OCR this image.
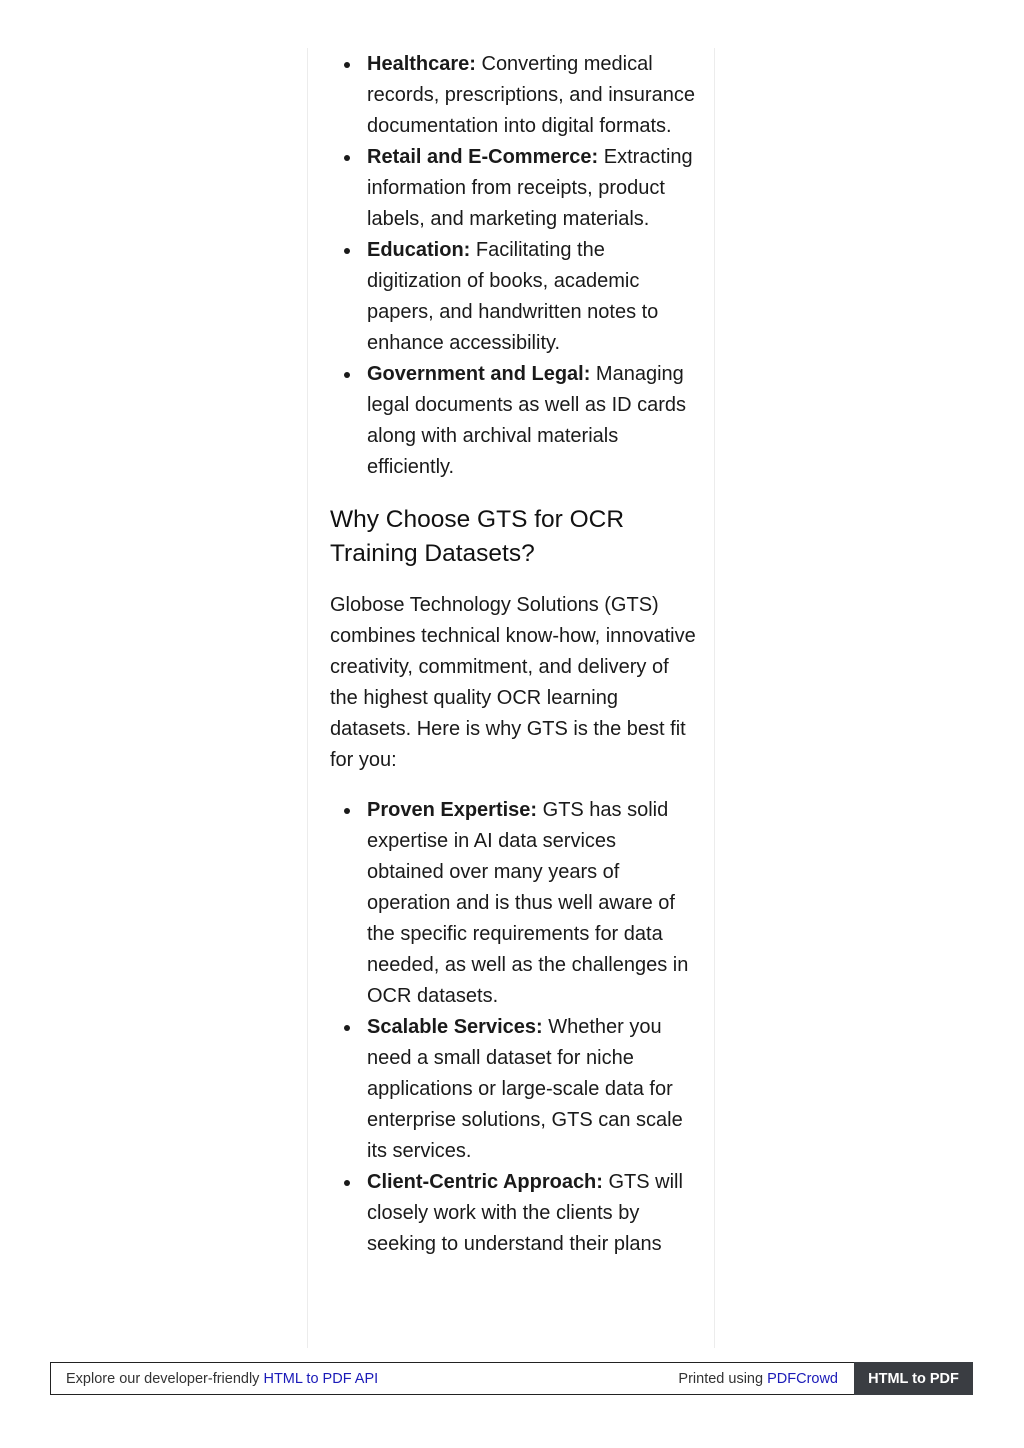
Healthcare: Converting medical records, prescriptions, and insurance documentation into digital formats.
Retail and E-Commerce: Extracting information from receipts, product labels, and marketing materials.
Education: Facilitating the digitization of books, academic papers, and handwritten notes to enhance accessibility.
Government and Legal: Managing legal documents as well as ID cards along with archival materials efficiently.
Why Choose GTS for OCR Training Datasets?

Globose Technology Solutions (GTS) combines technical know-how, innovative creativity, commitment, and delivery of the highest quality OCR learning datasets. Here is why GTS is the best fit for you:

Proven Expertise: GTS has solid expertise in AI data services obtained over many years of operation and is thus well aware of the specific requirements for data needed, as well as the challenges in OCR datasets.
Scalable Services: Whether you need a small dataset for niche applications or large-scale data for enterprise solutions, GTS can scale its services.
Client-Centric Approach: GTS will closely work with the clients by seeking to understand their plans
Explore our developer-friendly HTML to PDF API	Printed using PDFCrowd	HTML to PDF
